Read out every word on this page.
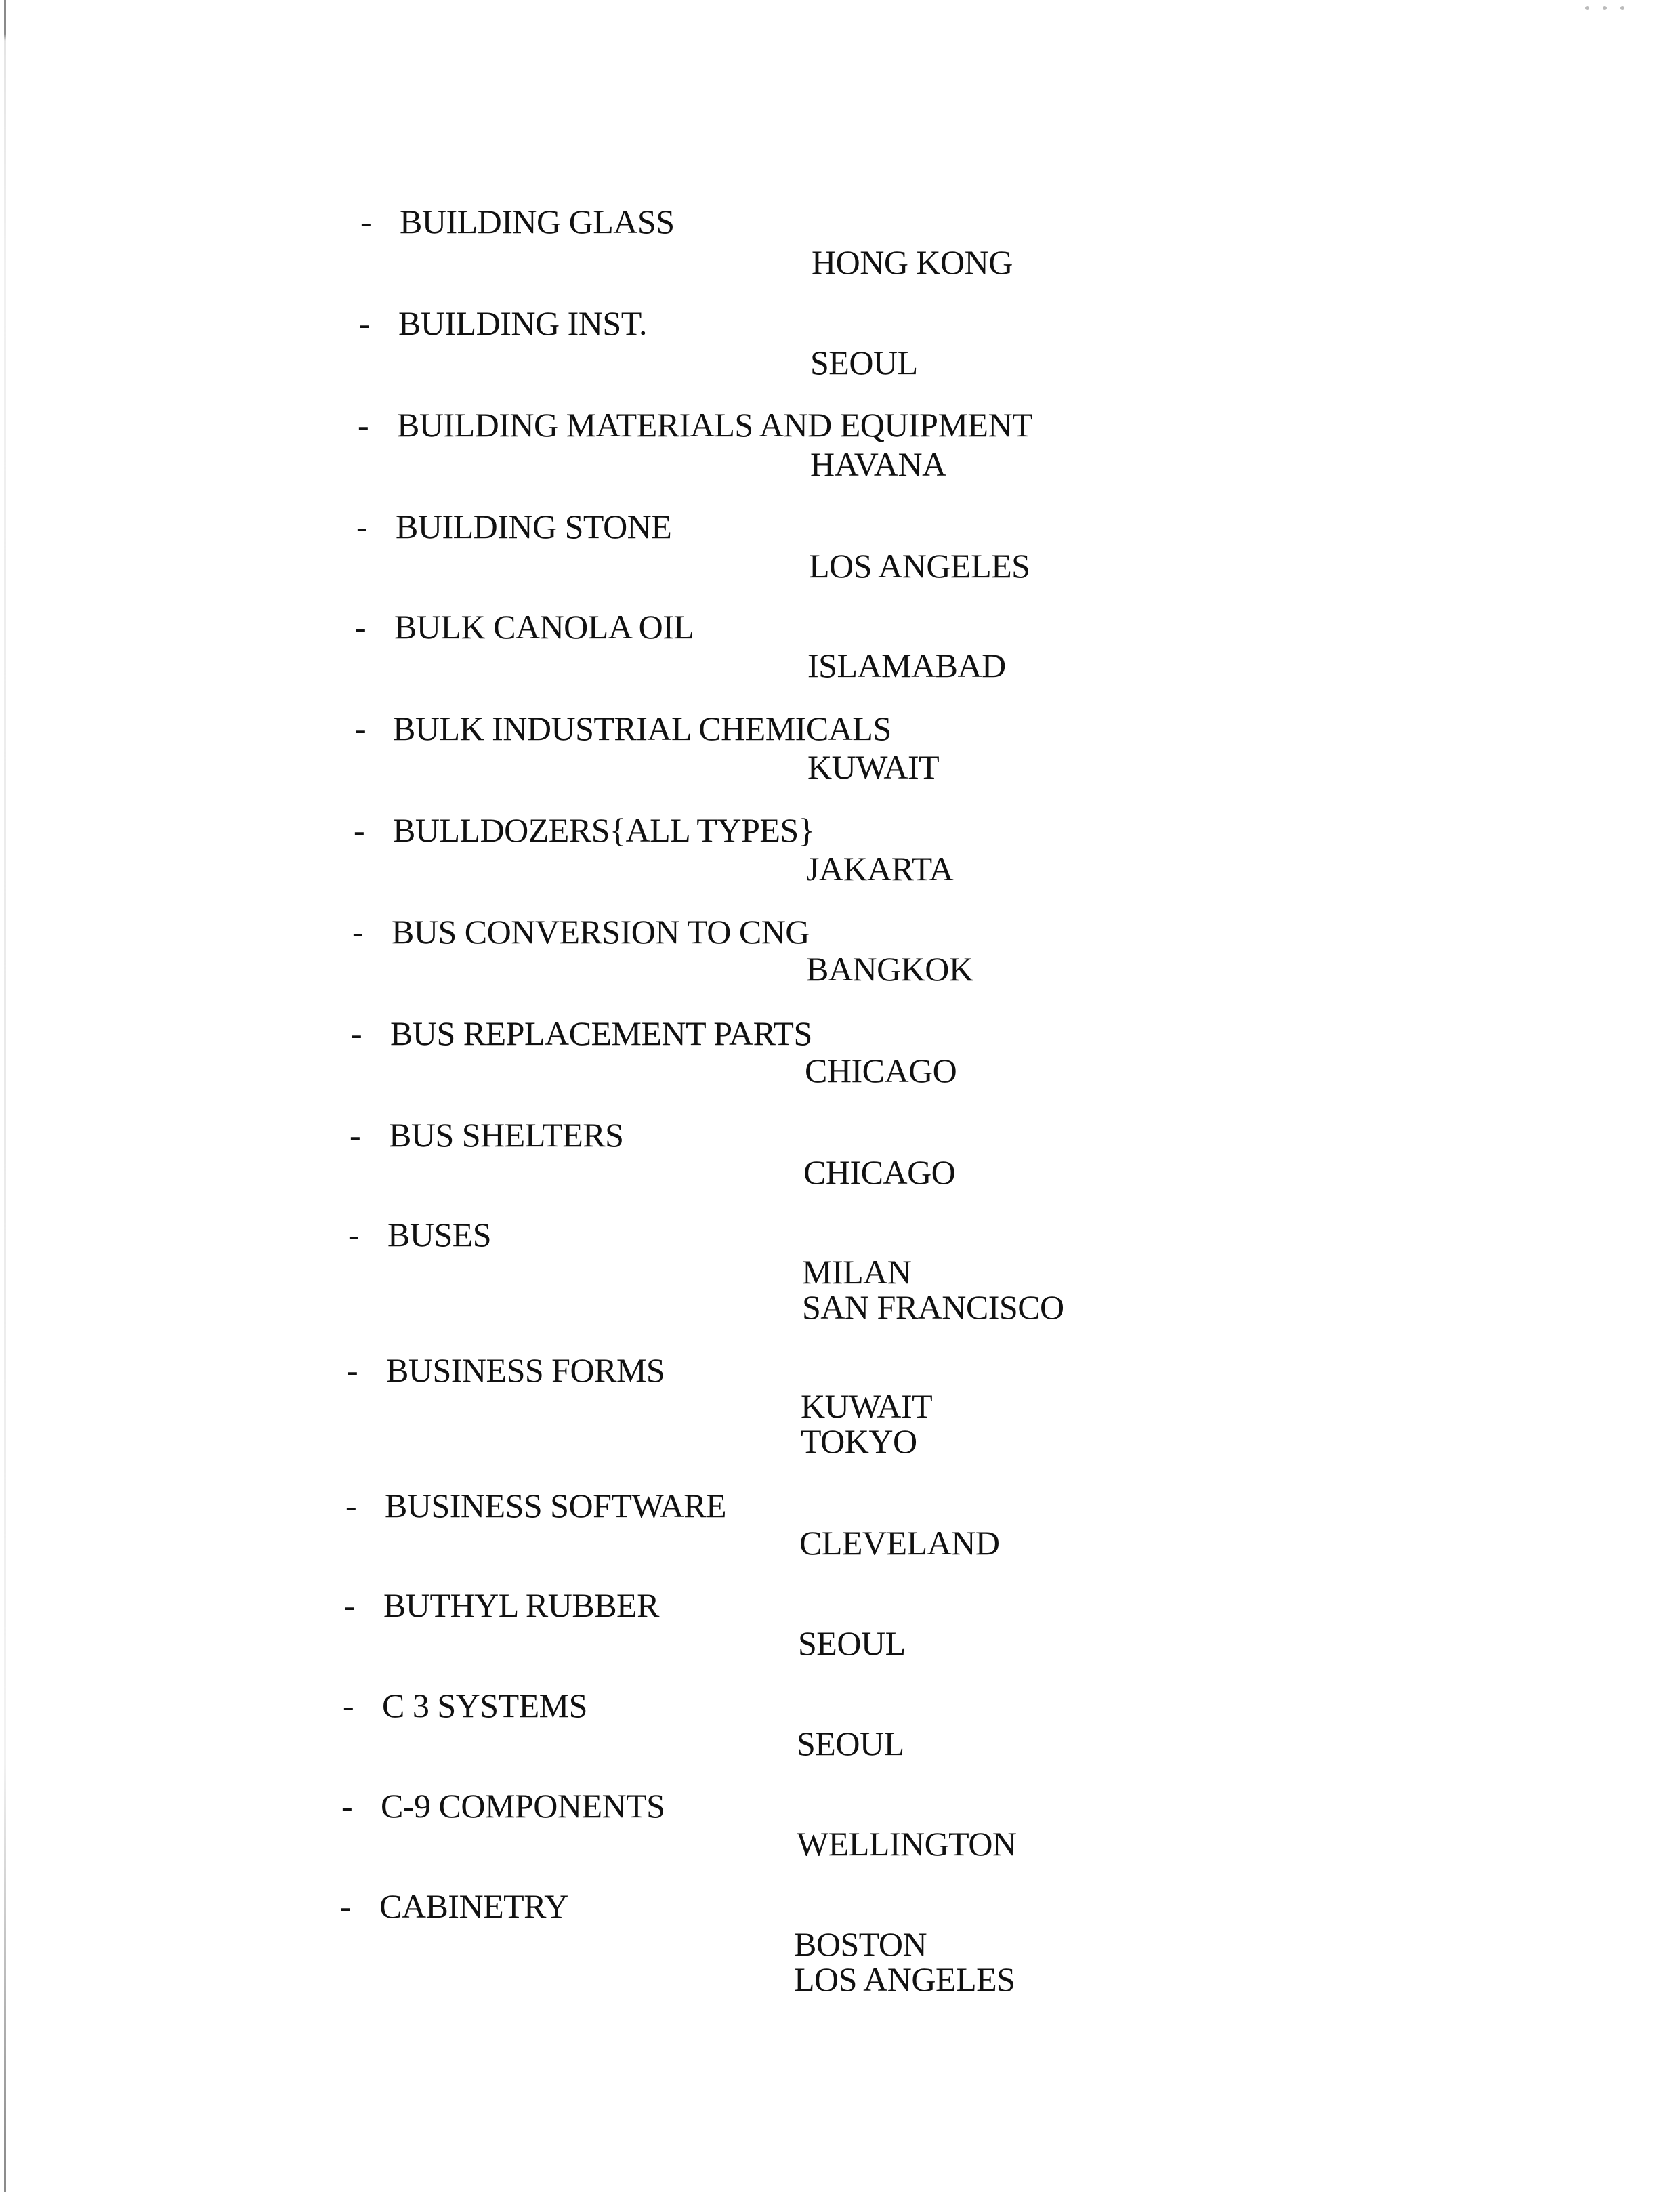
- BUILDING GLASS
HONG KONG
- BUILDING INST.
SEOUL
- BUILDING MATERIALS AND EQUIPMENT
HAVANA
- BUILDING STONE
LOS ANGELES
- BULK CANOLA OIL
ISLAMABAD
- BULK INDUSTRIAL CHEMICALS
KUWAIT
- BULLDOZERS{ALL TYPES}
JAKARTA
- BUS CONVERSION TO CNG
BANGKOK
- BUS REPLACEMENT PARTS
CHICAGO
- BUS SHELTERS
CHICAGO
- BUSES
MILAN
SAN FRANCISCO
- BUSINESS FORMS
KUWAIT
TOKYO
- BUSINESS SOFTWARE
CLEVELAND
- BUTHYL RUBBER
SEOUL
- C 3 SYSTEMS
SEOUL
- C-9 COMPONENTS
WELLINGTON
- CABINETRY
BOSTON
LOS ANGELES
